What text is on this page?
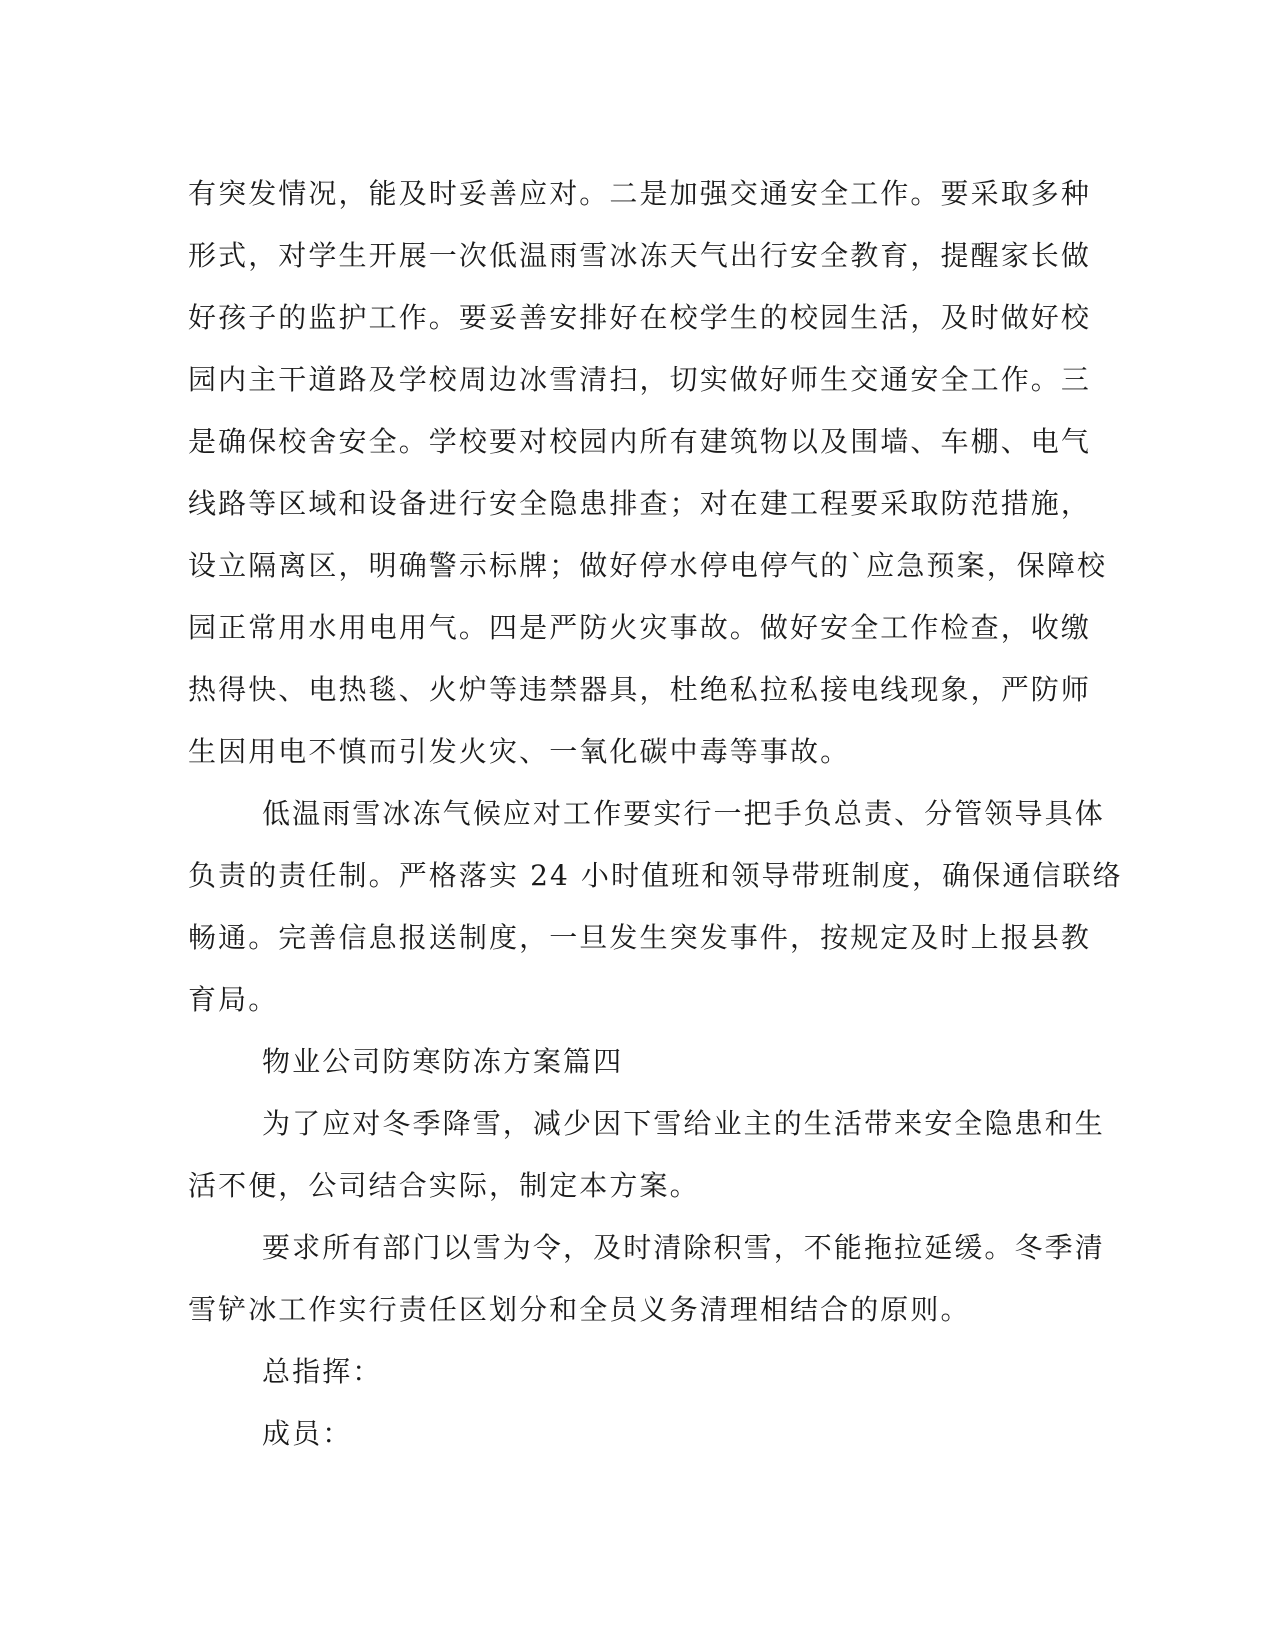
有突发情况，能及时妥善应对。二是加强交通安全工作。要采取多种
形式，对学生开展一次低温雨雪冰冻天气出行安全教育，提醒家长做
好孩子的监护工作。要妥善安排好在校学生的校园生活，及时做好校
园内主干道路及学校周边冰雪清扫，切实做好师生交通安全工作。三
是确保校舍安全。学校要对校园内所有建筑物以及围墙、车棚、电气
线路等区域和设备进行安全隐患排查；对在建工程要采取防范措施，
设立隔离区，明确警示标牌；做好停水停电停气的`应急预案，保障校
园正常用水用电用气。四是严防火灾事故。做好安全工作检查，收缴
热得快、电热毯、火炉等违禁器具，杜绝私拉私接电线现象，严防师
生因用电不慎而引发火灾、一氧化碳中毒等事故。
低温雨雪冰冻气候应对工作要实行一把手负总责、分管领导具体
负责的责任制。严格落实 24 小时值班和领导带班制度，确保通信联络
畅通。完善信息报送制度，一旦发生突发事件，按规定及时上报县教
育局。
物业公司防寒防冻方案篇四
为了应对冬季降雪，减少因下雪给业主的生活带来安全隐患和生
活不便，公司结合实际，制定本方案。
要求所有部门以雪为令，及时清除积雪，不能拖拉延缓。冬季清
雪铲冰工作实行责任区划分和全员义务清理相结合的原则。
总指挥：
成员：
